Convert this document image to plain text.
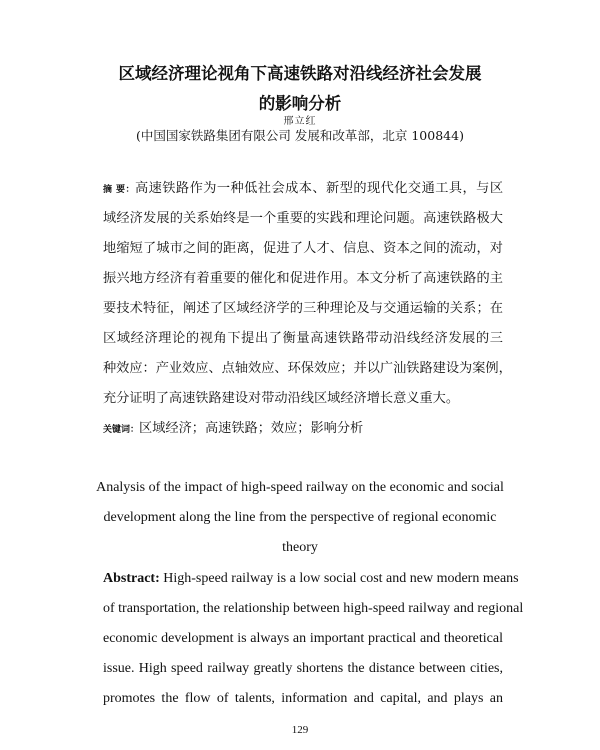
区域经济理论视角下高速铁路对沿线经济社会发展
的影响分析
邢立红
(中国国家铁路集团有限公司 发展和改革部，北京 100844)
摘 要：高速铁路作为一种低社会成本、新型的现代化交通工具，与区
域经济发展的关系始终是一个重要的实践和理论问题。高速铁路极大
地缩短了城市之间的距离，促进了人才、信息、资本之间的流动，对
振兴地方经济有着重要的催化和促进作用。本文分析了高速铁路的主
要技术特征，阐述了区域经济学的三种理论及与交通运输的关系；在
区域经济理论的视角下提出了衡量高速铁路带动沿线经济发展的三
种效应：产业效应、点轴效应、环保效应；并以广汕铁路建设为案例，
充分证明了高速铁路建设对带动沿线区域经济增长意义重大。
关键词：区域经济；高速铁路；效应；影响分析
Analysis of the impact of high-speed railway on the economic and social
development along the line from the perspective of regional economic
theory
Abstract: High-speed railway is a low social cost and new modern means
of transportation, the relationship between high-speed railway and regional
economic development is always an important practical and theoretical
issue. High speed railway greatly shortens the distance between cities,
promotes the flow of talents, information and capital, and plays an
129
